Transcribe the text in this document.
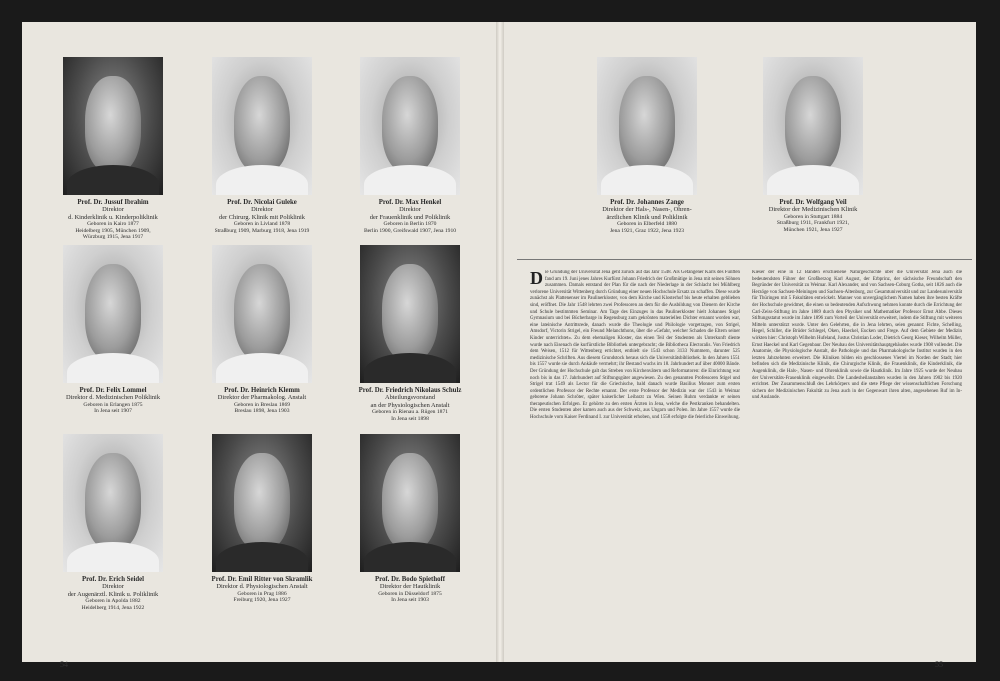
Prof. Dr. Jussuf Ibrahim
Direktor
d. Kinderklinik u. Kinderpoliklinik
Geboren in Kairo 1877
Heidelberg 1905, München 1909,
Würzburg 1915, Jena 1917
Prof. Dr. Nicolai Guleke
Direktor
der Chirurg. Klinik mit Poliklinik
Geboren in Livland 1878
Straßburg 1909, Marburg 1918, Jena 1919
Prof. Dr. Max Henkel
Direktor
der Frauenklinik und Poliklinik
Geboren in Berlin 1870
Berlin 1900, Greifswald 1907, Jena 1910
Prof. Dr. Felix Lommel
Direktor d. Medizinischen Poliklinik
Geboren in Erlangen 1875
In Jena seit 1907
Prof. Dr. Heinrich Klemm
Direktor der Pharmakolog. Anstalt
Geboren in Breslau 1869
Breslau 1898, Jena 1903
Prof. Dr. Friedrich Nikolaus Schulz
Abteilungsvorstand
an der Physiologischen Anstalt
Geboren in Rienau a. Rügen 1871
In Jena seit 1898
Prof. Dr. Erich Seidel
Direktor
der Augenärztl. Klinik u. Poliklinik
Geboren in Apolda 1882
Heidelberg 1914, Jena 1922
Prof. Dr. Emil Ritter von Skramlik
Direktor d. Physiologischen Anstalt
Geboren in Prag 1886
Freiburg 1920, Jena 1927
Prof. Dr. Bodo Spiethoff
Direktor der Hautklinik
Geboren in Düsseldorf 1875
In Jena seit 1903
54
Prof. Dr. Johannes Zange
Direktor der Hals-, Nasen-, Ohren-
ärztlichen Klinik und Poliklinik
Geboren in Elberfeld 1880
Jena 1921, Graz 1922, Jena 1923
Prof. Dr. Wolfgang Veil
Direktor der Medizinischen Klinik
Geboren in Stuttgart 1884
Straßburg 1911, Frankfurt 1921,
München 1921, Jena 1927
Die Gründung der Universität Jena geht zurück auf das Jahr 1548. Als Gefangener Karls des Fünften fand am 19. Juni jenes Jahres Kurfürst Johann Friedrich der Großmütige in Jena mit seinen Söhnen zusammen. Damals entstand der Plan für die nach der Niederlage in der Schlacht bei Mühlberg verlorene Universität Wittenberg durch Gründung einer neuen Hochschule Ersatz zu schaffen. Diese wurde zunächst als Plattenenser im Paulinerkloster, von dem Kirche und Klosterhof bis heute erhalten geblieben sind, eröffnet. Die Jahr 1548 lehrten zwei Professoren an dem für die Ausbildung von Dienern der Kirche und Schule bestimmten Seminar. Am Tage des Einzuges in das Paulinerkloster hielt Johannes Stigel Gymnasium und bei Bücherbarge in Regensburg zum gekrönten materiellen Dichter ernannt worden war, eine lateinische Antrittsrede, danach wurde die Theologie und Philologie vorgetragen, von Strigel, Amsdorf, Victorin Strigel, ein Freund Melanchthons, über die »Gefahr, welcher Schaden die Eltern seiner Kinder unterrichtet«. Zu dem ehemaligen Kloster, das einen Teil der Studenten als Unterkunft diente wurde nach Eisenach die kurfürstliche Bibliothek untergebracht; die Bibliotheca Electoralis. Von Friedrich dem Weisen, 1512 für Wittenberg errichtet, enthielt sie 1543 schon 3133 Nummern, darunter 525 medizinische Schriften. Aus diesem Grundstock heraus sich die Universitätsbibliothek. In den Jahren 1551 bis 1557 wurde sie durch Ankäufe vermehrt; ihr Bestand wuchs im 18. Jahrhundert auf über 40000 Bände. Der Gründung der Hochschule galt das Streben von Kirchenvätern und Reformatoren: die Einrichtung war noch bis in das 17. Jahrhundert auf Stiftungsgüter angewiesen. Zu den genannten Professoren Stigel und Strigel trat 1549 als Lector für die Griechische, bald danach wurde Basilius Monner zum ersten ordentlichen Professor der Rechte ernannt. Der erste Professor der Medizin war der 1543 in Weimar geborene Johann Schröter, später kaiserlicher Leibarzt zu Wien. Seinen Ruhm verdankte er seinen therapeutischen Erfolgen. Er gehörte zu den ersten Ärzten in Jena, welche die Pestkranken behandelten. Die ersten Studenten aber kamen auch aus der Schweiz, aus Ungarn und Polen. Im Jahre 1557 wurde die Hochschule vom Kaiser Ferdinand I. zur Universität erhoben, und 1558 erfolgte die feierliche Einweihung.
Kieser der eine in 12 Bänden erschienene Naturgeschichte über die Universität Jena auch die bedeutendsten Führer der Großherzog Karl August, der Erbprinz, der sächsische Freundschaft den Begründer der Universität zu Weimar. Karl Alexander, und von Sachsen-Coburg Gotha, seit 1826 auch die Herzöge von Sachsen-Meiningen und Sachsen-Altenburg, zur Gesamtuniversität und zur Landesuniversität für Thüringen mit 5 Fakultäten entwickelt. Manner von unvergänglichem Namen haben ihre besten Kräfte der Hochschule gewidmet, die einen so bedeutenden Aufschwung nehmen konnte durch die Errichtung der Carl-Zeiss-Stiftung im Jahre 1889 durch den Physiker und Mathematiker Professor Ernst Abbe. Dieses Stiftungsstatut wurde im Jahre 1896 zum Vorteil der Universität erweitert, indem die Stiftung mit weiteren Mitteln unterstützt wurde. Unter den Gelehrten, die in Jena lehrten, seien genannt: Fichte, Schelling, Hegel, Schiller, die Brüder Schlegel, Oken, Haeckel, Eucken und Frege. Auf dem Gebiete der Medizin wirkten hier: Christoph Wilhelm Hufeland, Justus Christian Loder, Dietrich Georg Kieser, Wilhelm Müller, Ernst Haeckel und Karl Gegenbaur. Der Neubau des Universitätshauptgebäudes wurde 1908 vollendet. Die Anatomie, die Physiologische Anstalt, die Pathologie und das Pharmakologische Institut wurden in den letzten Jahrzehnten erweitert. Die Kliniken bilden ein geschlossenes Viertel im Norden der Stadt; hier befinden sich die Medizinische Klinik, die Chirurgische Klinik, die Frauenklinik, die Kinderklinik, die Augenklinik, die Hals-, Nasen- und Ohrenklinik sowie die Hautklinik. Im Jahre 1925 wurde der Neubau der Universitäts-Frauenklinik eingeweiht. Die Landesheilanstalten wurden in den Jahren 1902 bis 1920 errichtet. Der Zusammenschluß des Lehrkörpers und die stete Pflege der wissenschaftlichen Forschung sichern der Medizinischen Fakultät zu Jena auch in der Gegenwart ihren alten, angesehenen Ruf im In- und Auslande.
55
